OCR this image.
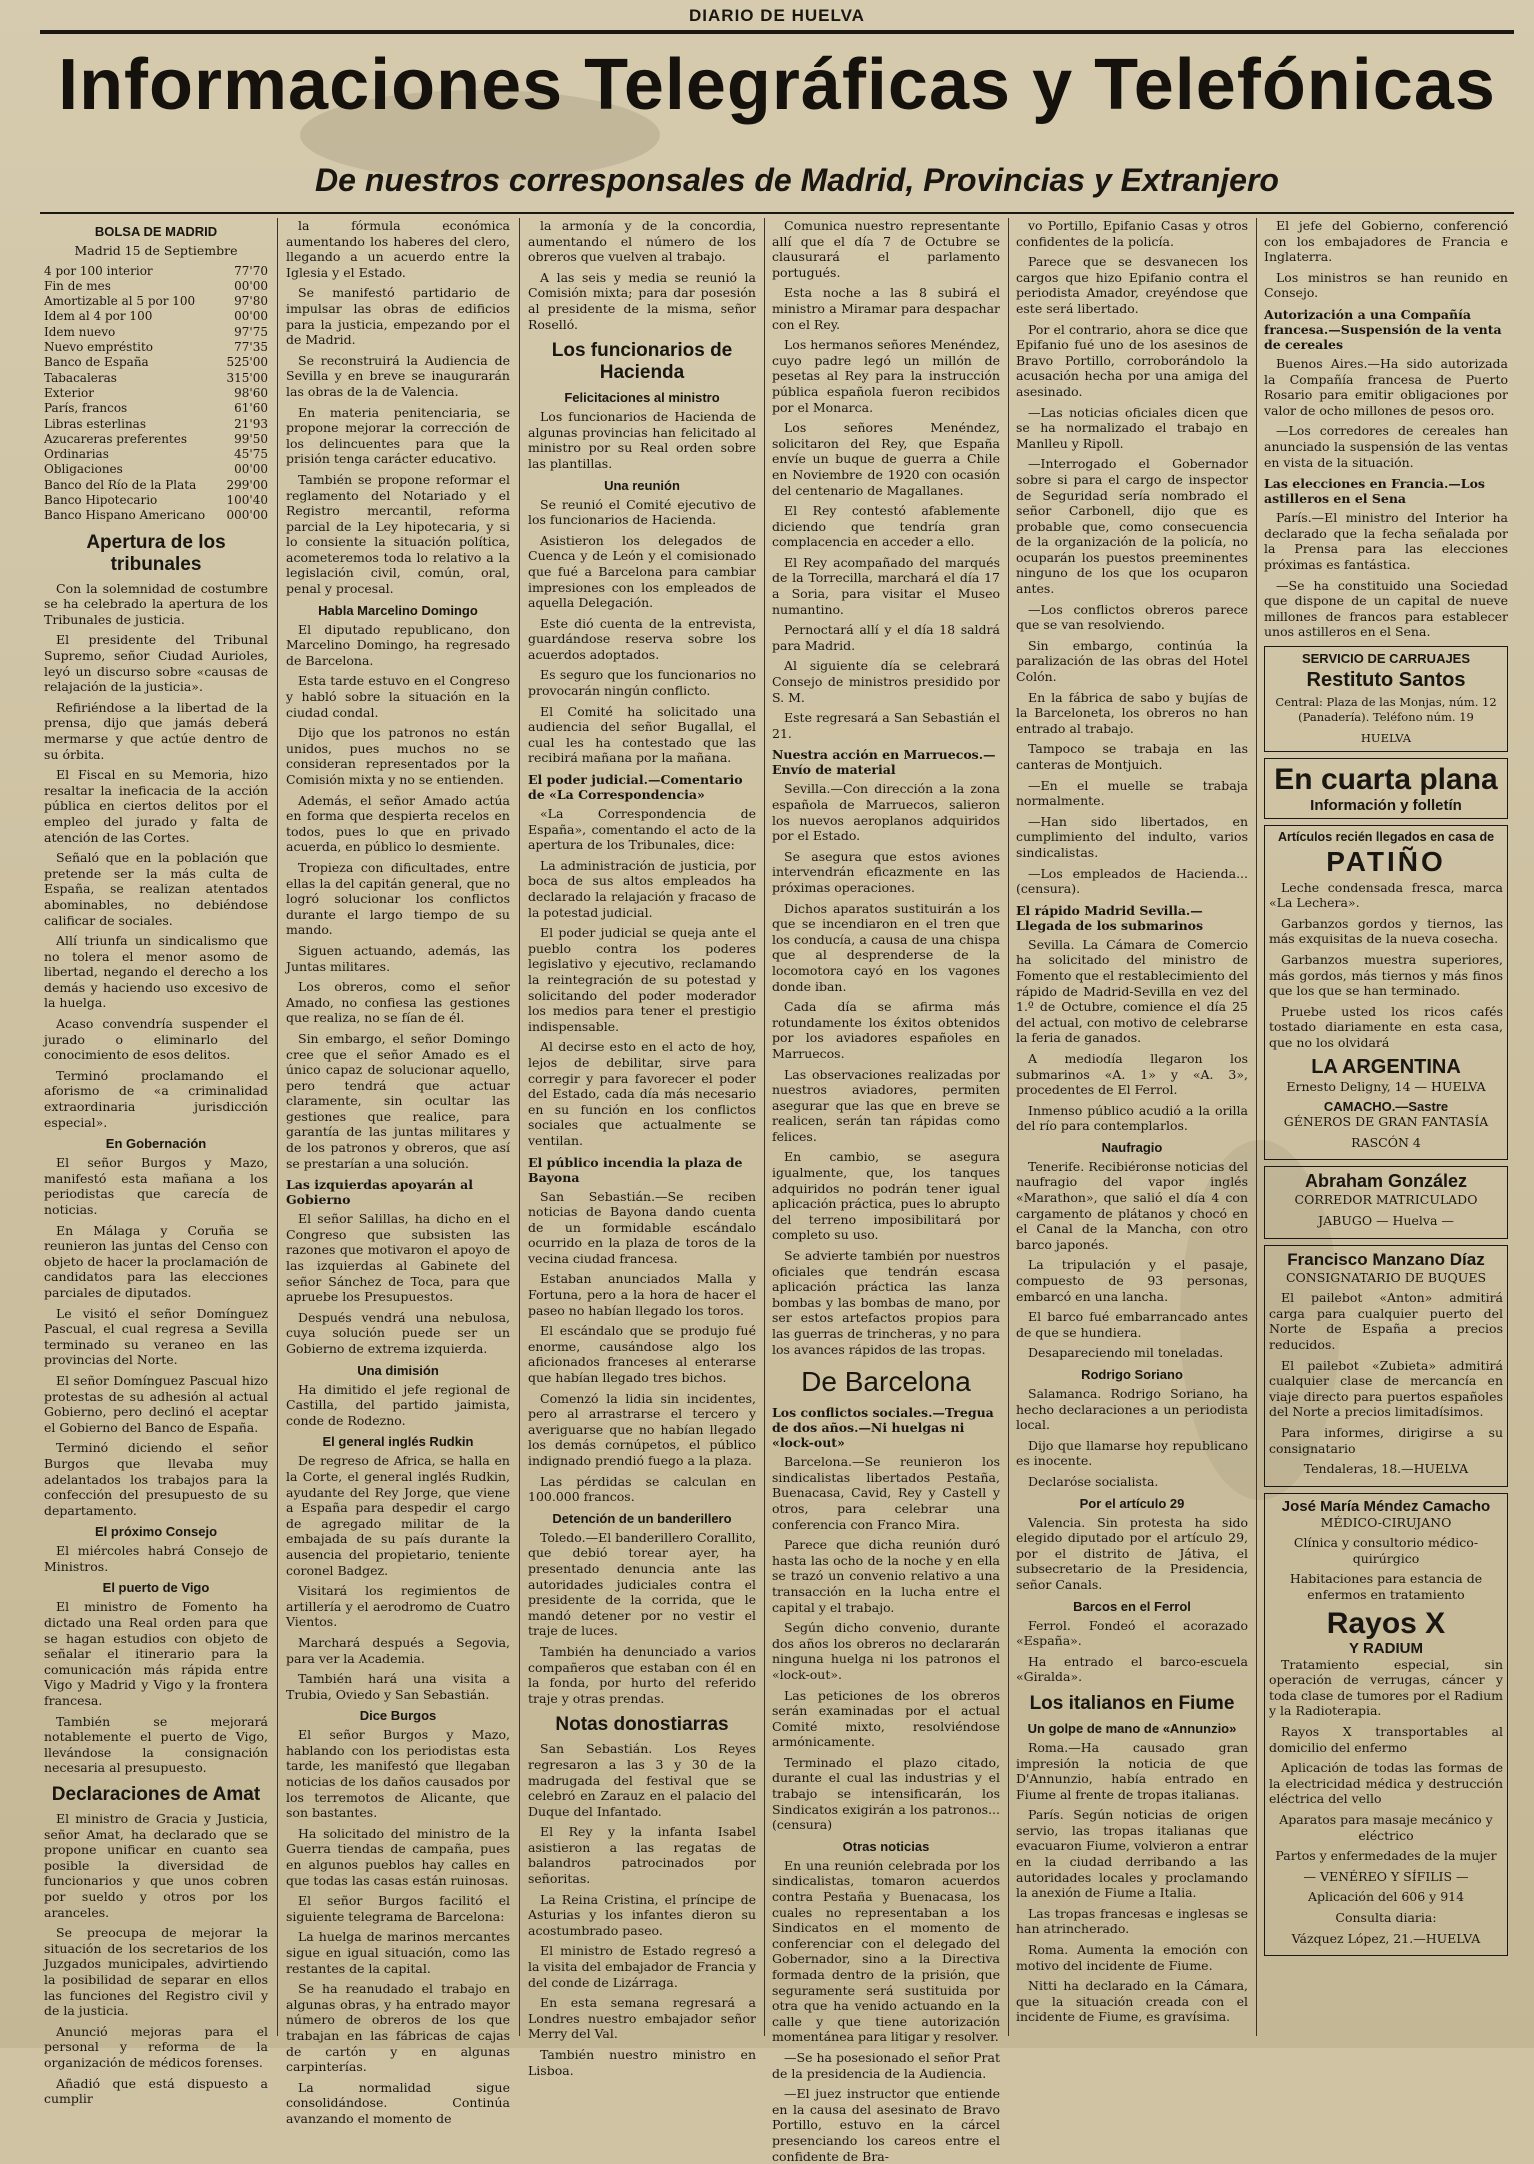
DIARIO DE HUELVA
Informaciones Telegráficas y Telefónicas
De nuestros corresponsales de Madrid, Provincias y Extranjero
BOLSA DE MADRID

Madrid 15 de Septiembre

4 por 100 interior	77'70
Fin de mes	00'00
Amortizable al 5 por 100	97'80
Idem al 4 por 100	00'00
Idem nuevo	97'75
Nuevo empréstito	77'35
Banco de España	525'00
Tabacaleras	315'00
Exterior	98'60
París, francos	61'60
Libras esterlinas	21'93
Azucareras preferentes	99'50
Ordinarias	45'75
Obligaciones	00'00
Banco del Río de la Plata	299'00
Banco Hipotecario	100'40
Banco Hispano Americano	000'00
Apertura de los tribunales

Con la solemnidad de costumbre se ha celebrado la apertura de los Tribunales de justicia.

El presidente del Tribunal Supremo, señor Ciudad Aurioles, leyó un discurso sobre «causas de relajación de la justicia».

Refiriéndose a la libertad de la prensa, dijo que jamás deberá mermarse y que actúe dentro de su órbita.

El Fiscal en su Memoria, hizo resaltar la ineficacia de la acción pública en ciertos delitos por el empleo del jurado y falta de atención de las Cortes.

Señaló que en la población que pretende ser la más culta de España, se realizan atentados abominables, no debiéndose calificar de sociales.

Allí triunfa un sindicalismo que no tolera el menor asomo de libertad, negando el derecho a los demás y haciendo uso excesivo de la huelga.

Acaso convendría suspender el jurado o eliminarlo del conocimiento de esos delitos.

Terminó proclamando el aforismo de «a criminalidad extraordinaria jurisdicción especial».

En Gobernación

El señor Burgos y Mazo, manifestó esta mañana a los periodistas que carecía de noticias.

En Málaga y Coruña se reunieron las juntas del Censo con objeto de hacer la proclamación de candidatos para las elecciones parciales de diputados.

Le visitó el señor Domínguez Pascual, el cual regresa a Sevilla terminado su veraneo en las provincias del Norte.

El señor Domínguez Pascual hizo protestas de su adhesión al actual Gobierno, pero declinó el aceptar el Gobierno del Banco de España.

Terminó diciendo el señor Burgos que llevaba muy adelantados los trabajos para la confección del presupuesto de su departamento.

El próximo Consejo

El miércoles habrá Consejo de Ministros.

El puerto de Vigo

El ministro de Fomento ha dictado una Real orden para que se hagan estudios con objeto de señalar el itinerario para la comunicación más rápida entre Vigo y Madrid y Vigo y la frontera francesa.

También se mejorará notablemente el puerto de Vigo, llevándose la consignación necesaria al presupuesto.

Declaraciones de Amat

El ministro de Gracia y Justicia, señor Amat, ha declarado que se propone unificar en cuanto sea posible la diversidad de funcionarios y que unos cobren por sueldo y otros por los aranceles.

Se preocupa de mejorar la situación de los secretarios de los Juzgados municipales, advirtiendo la posibilidad de separar en ellos las funciones del Registro civil y de la justicia.

Anunció mejoras para el personal y reforma de la organización de médicos forenses.

Añadió que está dispuesto a cumplir

la fórmula económica aumentando los haberes del clero, llegando a un acuerdo entre la Iglesia y el Estado.

Se manifestó partidario de impulsar las obras de edificios para la justicia, empezando por el de Madrid.

Se reconstruirá la Audiencia de Sevilla y en breve se inaugurarán las obras de la de Valencia.

En materia penitenciaria, se propone mejorar la corrección de los delincuentes para que la prisión tenga carácter educativo.

También se propone reformar el reglamento del Notariado y el Registro mercantil, reforma parcial de la Ley hipotecaria, y si lo consiente la situación política, acometeremos toda lo relativo a la legislación civil, común, oral, penal y procesal.

Habla Marcelino Domingo

El diputado republicano, don Marcelino Domingo, ha regresado de Barcelona.

Esta tarde estuvo en el Congreso y habló sobre la situación en la ciudad condal.

Dijo que los patronos no están unidos, pues muchos no se consideran representados por la Comisión mixta y no se entienden.

Además, el señor Amado actúa en forma que despierta recelos en todos, pues lo que en privado acuerda, en público lo desmiente.

Tropieza con dificultades, entre ellas la del capitán general, que no logró solucionar los conflictos durante el largo tiempo de su mando.

Siguen actuando, además, las Juntas militares.

Los obreros, como el señor Amado, no confiesa las gestiones que realiza, no se fían de él.

Sin embargo, el señor Domingo cree que el señor Amado es el único capaz de solucionar aquello, pero tendrá que actuar claramente, sin ocultar las gestiones que realice, para garantía de las juntas militares y de los patronos y obreros, que así se prestarían a una solución.

Las izquierdas apoyarán al Gobierno

El señor Salillas, ha dicho en el Congreso que subsisten las razones que motivaron el apoyo de las izquierdas al Gabinete del señor Sánchez de Toca, para que apruebe los Presupuestos.

Después vendrá una nebulosa, cuya solución puede ser un Gobierno de extrema izquierda.

Una dimisión

Ha dimitido el jefe regional de Castilla, del partido jaimista, conde de Rodezno.

El general inglés Rudkin

De regreso de Africa, se halla en la Corte, el general inglés Rudkin, ayudante del Rey Jorge, que viene a España para despedir el cargo de agregado militar de la embajada de su país durante la ausencia del propietario, teniente coronel Badgez.

Visitará los regimientos de artillería y el aerodromo de Cuatro Vientos.

Marchará después a Segovia, para ver la Academia.

También hará una visita a Trubia, Oviedo y San Sebastián.

Dice Burgos

El señor Burgos y Mazo, hablando con los periodistas esta tarde, les manifestó que llegaban noticias de los daños causados por los terremotos de Alicante, que son bastantes.

Ha solicitado del ministro de la Guerra tiendas de campaña, pues en algunos pueblos hay calles en que todas las casas están ruinosas.

El señor Burgos facilitó el siguiente telegrama de Barcelona:

La huelga de marinos mercantes sigue en igual situación, como las restantes de la capital.

Se ha reanudado el trabajo en algunas obras, y ha entrado mayor número de obreros de los que trabajan en las fábricas de cajas de cartón y en algunas carpinterías.

La normalidad sigue consolidándose. Continúa avanzando el momento de

la armonía y de la concordia, aumentando el número de los obreros que vuelven al trabajo.

A las seis y media se reunió la Comisión mixta; para dar posesión al presidente de la misma, señor Roselló.

Los funcionarios de Hacienda
Felicitaciones al ministro

Los funcionarios de Hacienda de algunas provincias han felicitado al ministro por su Real orden sobre las plantillas.

Una reunión

Se reunió el Comité ejecutivo de los funcionarios de Hacienda.

Asistieron los delegados de Cuenca y de León y el comisionado que fué a Barcelona para cambiar impresiones con los empleados de aquella Delegación.

Este dió cuenta de la entrevista, guardándose reserva sobre los acuerdos adoptados.

Es seguro que los funcionarios no provocarán ningún conflicto.

El Comité ha solicitado una audiencia del señor Bugallal, el cual les ha contestado que las recibirá mañana por la mañana.

El poder judicial.—Comentario de «La Correspondencia»

«La Correspondencia de España», comentando el acto de la apertura de los Tribunales, dice:

La administración de justicia, por boca de sus altos empleados ha declarado la relajación y fracaso de la potestad judicial.

El poder judicial se queja ante el pueblo contra los poderes legislativo y ejecutivo, reclamando la reintegración de su potestad y solicitando del poder moderador los medios para tener el prestigio indispensable.

Al decirse esto en el acto de hoy, lejos de debilitar, sirve para corregir y para favorecer el poder del Estado, cada día más necesario en su función en los conflictos sociales que actualmente se ventilan.

El público incendia la plaza de Bayona

San Sebastián.—Se reciben noticias de Bayona dando cuenta de un formidable escándalo ocurrido en la plaza de toros de la vecina ciudad francesa.

Estaban anunciados Malla y Fortuna, pero a la hora de hacer el paseo no habían llegado los toros.

El escándalo que se produjo fué enorme, causándose algo los aficionados franceses al enterarse que habían llegado tres bichos.

Comenzó la lidia sin incidentes, pero al arrastrarse el tercero y averiguarse que no habían llegado los demás cornúpetos, el público indignado prendió fuego a la plaza.

Las pérdidas se calculan en 100.000 francos.

Detención de un banderillero

Toledo.—El banderillero Corallito, que debió torear ayer, ha presentado denuncia ante las autoridades judiciales contra el presidente de la corrida, que le mandó detener por no vestir el traje de luces.

También ha denunciado a varios compañeros que estaban con él en la fonda, por hurto del referido traje y otras prendas.

Notas donostiarras

San Sebastián. Los Reyes regresaron a las 3 y 30 de la madrugada del festival que se celebró en Zarauz en el palacio del Duque del Infantado.

El Rey y la infanta Isabel asistieron a las regatas de balandros patrocinados por señoritas.

La Reina Cristina, el príncipe de Asturias y los infantes dieron su acostumbrado paseo.

El ministro de Estado regresó a la visita del embajador de Francia y del conde de Lizárraga.

En esta semana regresará a Londres nuestro embajador señor Merry del Val.

También nuestro ministro en Lisboa.

Comunica nuestro representante allí que el día 7 de Octubre se clausurará el parlamento portugués.

Esta noche a las 8 subirá el ministro a Miramar para despachar con el Rey.

Los hermanos señores Menéndez, cuyo padre legó un millón de pesetas al Rey para la instrucción pública española fueron recibidos por el Monarca.

Los señores Menéndez, solicitaron del Rey, que España envíe un buque de guerra a Chile en Noviembre de 1920 con ocasión del centenario de Magallanes.

El Rey contestó afablemente diciendo que tendría gran complacencia en acceder a ello.

El Rey acompañado del marqués de la Torrecilla, marchará el día 17 a Soria, para visitar el Museo numantino.

Pernoctará allí y el día 18 saldrá para Madrid.

Al siguiente día se celebrará Consejo de ministros presidido por S. M.

Este regresará a San Sebastián el 21.

Nuestra acción en Marruecos.—Envío de material

Sevilla.—Con dirección a la zona española de Marruecos, salieron los nuevos aeroplanos adquiridos por el Estado.

Se asegura que estos aviones intervendrán eficazmente en las próximas operaciones.

Dichos aparatos sustituirán a los que se incendiaron en el tren que los conducía, a causa de una chispa que al desprenderse de la locomotora cayó en los vagones donde iban.

Cada día se afirma más rotundamente los éxitos obtenidos por los aviadores españoles en Marruecos.

Las observaciones realizadas por nuestros aviadores, permiten asegurar que las que en breve se realicen, serán tan rápidas como felices.

En cambio, se asegura igualmente, que, los tanques adquiridos no podrán tener igual aplicación práctica, pues lo abrupto del terreno imposibilitará por completo su uso.

Se advierte también por nuestros oficiales que tendrán escasa aplicación práctica las lanza bombas y las bombas de mano, por ser estos artefactos propios para las guerras de trincheras, y no para los avances rápidos de las tropas.

De Barcelona
Los conflictos sociales.—Tregua de dos años.—Ni huelgas ni «lock-out»

Barcelona.—Se reunieron los sindicalistas libertados Pestaña, Buenacasa, Cavid, Rey y Castell y otros, para celebrar una conferencia con Franco Mira.

Parece que dicha reunión duró hasta las ocho de la noche y en ella se trazó un convenio relativo a una transacción en la lucha entre el capital y el trabajo.

Según dicho convenio, durante dos años los obreros no declararán ninguna huelga ni los patronos el «lock-out».

Las peticiones de los obreros serán examinadas por el actual Comité mixto, resolviéndose armónicamente.

Terminado el plazo citado, durante el cual las industrias y el trabajo se intensificarán, los Sindicatos exigirán a los patronos... (censura)

Otras noticias

En una reunión celebrada por los sindicalistas, tomaron acuerdos contra Pestaña y Buenacasa, los cuales no representaban a los Sindicatos en el momento de conferenciar con el delegado del Gobernador, sino a la Directiva formada dentro de la prisión, que seguramente será sustituida por otra que ha venido actuando en la calle y que tiene autorización momentánea para litigar y resolver.

—Se ha posesionado el señor Prat de la presidencia de la Audiencia.

—El juez instructor que entiende en la causa del asesinato de Bravo Portillo, estuvo en la cárcel presenciando los careos entre el confidente de Bra-

vo Portillo, Epifanio Casas y otros confidentes de la policía.

Parece que se desvanecen los cargos que hizo Epifanio contra el periodista Amador, creyéndose que este será libertado.

Por el contrario, ahora se dice que Epifanio fué uno de los asesinos de Bravo Portillo, corroborándolo la acusación hecha por una amiga del asesinado.

—Las noticias oficiales dicen que se ha normalizado el trabajo en Manlleu y Ripoll.

—Interrogado el Gobernador sobre si para el cargo de inspector de Seguridad sería nombrado el señor Carbonell, dijo que es probable que, como consecuencia de la organización de la policía, no ocuparán los puestos preeminentes ninguno de los que los ocuparon antes.

—Los conflictos obreros parece que se van resolviendo.

Sin embargo, continúa la paralización de las obras del Hotel Colón.

En la fábrica de sabo y bujías de la Barceloneta, los obreros no han entrado al trabajo.

Tampoco se trabaja en las canteras de Montjuich.

—En el muelle se trabaja normalmente.

—Han sido libertados, en cumplimiento del indulto, varios sindicalistas.

—Los empleados de Hacienda... (censura).

El rápido Madrid Sevilla.—Llegada de los submarinos

Sevilla. La Cámara de Comercio ha solicitado del ministro de Fomento que el restablecimiento del rápido de Madrid-Sevilla en vez del 1.º de Octubre, comience el día 25 del actual, con motivo de celebrarse la feria de ganados.

A mediodía llegaron los submarinos «A. 1» y «A. 3», procedentes de El Ferrol.

Inmenso público acudió a la orilla del río para contemplarlos.

Naufragio

Tenerife. Recibiéronse noticias del naufragio del vapor inglés «Marathon», que salió el día 4 con cargamento de plátanos y chocó en el Canal de la Mancha, con otro barco japonés.

La tripulación y el pasaje, compuesto de 93 personas, embarcó en una lancha.

El barco fué embarrancado antes de que se hundiera.

Desapareciendo mil toneladas.

Rodrigo Soriano

Salamanca. Rodrigo Soriano, ha hecho declaraciones a un periodista local.

Dijo que llamarse hoy republicano es inocente.

Declaróse socialista.

Por el artículo 29

Valencia. Sin protesta ha sido elegido diputado por el artículo 29, por el distrito de Játiva, el subsecretario de la Presidencia, señor Canals.

Barcos en el Ferrol

Ferrol. Fondeó el acorazado «España».

Ha entrado el barco-escuela «Giralda».

Los italianos en Fiume
Un golpe de mano de «Annunzio»

Roma.—Ha causado gran impresión la noticia de que D'Annunzio, había entrado en Fiume al frente de tropas italianas.

París. Según noticias de origen servio, las tropas italianas que evacuaron Fiume, volvieron a entrar en la ciudad derribando a las autoridades locales y proclamando la anexión de Fiume a Italia.

Las tropas francesas e inglesas se han atrincherado.

Roma. Aumenta la emoción con motivo del incidente de Fiume.

Nitti ha declarado en la Cámara, que la situación creada con el incidente de Fiume, es gravísima.

El jefe del Gobierno, conferenció con los embajadores de Francia e Inglaterra.

Los ministros se han reunido en Consejo.

Autorización a una Compañía francesa.—Suspensión de la venta de cereales

Buenos Aires.—Ha sido autorizada la Compañía francesa de Puerto Rosario para emitir obligaciones por valor de ocho millones de pesos oro.

—Los corredores de cereales han anunciado la suspensión de las ventas en vista de la situación.

Las elecciones en Francia.—Los astilleros en el Sena

París.—El ministro del Interior ha declarado que la fecha señalada por la Prensa para las elecciones próximas es fantástica.

—Se ha constituido una Sociedad que dispone de un capital de nueve millones de francos para establecer unos astilleros en el Sena.

SERVICIO DE CARRUAJES
Restituto Santos

Central: Plaza de las Monjas, núm. 12 (Panadería). Teléfono núm. 19

HUELVA

En cuarta plana
Información y folletín
Artículos recién llegados en casa de
PATIÑO

Leche condensada fresca, marca «La Lechera».

Garbanzos gordos y tiernos, las más exquisitas de la nueva cosecha.

Garbanzos muestra superiores, más gordos, más tiernos y más finos que los que se han terminado.

Pruebe usted los ricos cafés tostado diariamente en esta casa, que no los olvidará

LA ARGENTINA

Ernesto Deligny, 14 — HUELVA

CAMACHO.—Sastre

GÉNEROS DE GRAN FANTASÍA

RASCÓN 4

Abraham González

CORREDOR MATRICULADO

JABUGO — Huelva —

Francisco Manzano Díaz

CONSIGNATARIO DE BUQUES

El pailebot «Anton» admitirá carga para cualquier puerto del Norte de España a precios reducidos.

El pailebot «Zubieta» admitirá cualquier clase de mercancía en viaje directo para puertos españoles del Norte a precios limitadísimos.

Para informes, dirigirse a su consignatario

Tendaleras, 18.—HUELVA

José María Méndez Camacho

MÉDICO-CIRUJANO

Clínica y consultorio médico-quirúrgico

Habitaciones para estancia de enfermos en tratamiento

Rayos X
Y RADIUM

Tratamiento especial, sin operación de verrugas, cáncer y toda clase de tumores por el Radium y la Radioterapia.

Rayos X transportables al domicilio del enfermo

Aplicación de todas las formas de la electricidad médica y destrucción eléctrica del vello

Aparatos para masaje mecánico y eléctrico

Partos y enfermedades de la mujer

— VENÉREO Y SÍFILIS —

Aplicación del 606 y 914

Consulta diaria:

Vázquez López, 21.—HUELVA
